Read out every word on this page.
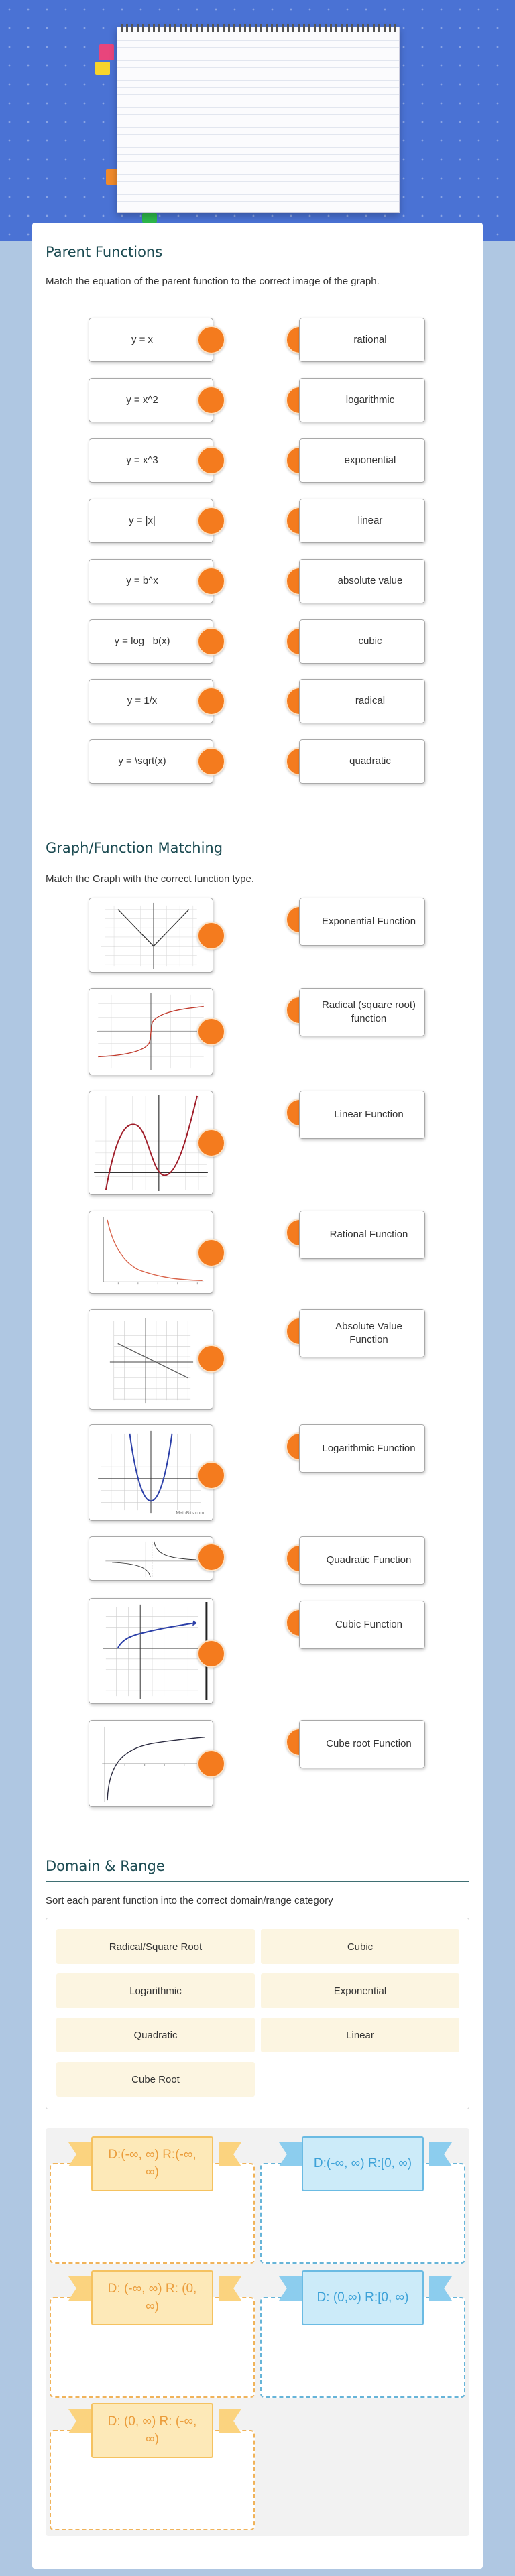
Parent Functions
Match the equation of the parent function to the correct image of the graph.
y = x	rational
y = x^2	logarithmic
y = x^3	exponential
y = |x|	linear
y = b^x	absolute value
y = log _b(x)	cubic
y = 1/x	radical
y = \sqrt(x)	quadratic
Graph/Function Matching
Match the Graph with the correct function type.
MathBits.com
Exponential Function
Radical (square root) function
Linear Function
Rational Function
Absolute Value Function
Logarithmic Function
Quadratic Function
Cubic Function
Cube root Function
Domain & Range
Sort each parent function into the correct domain/range category
Radical/Square Root	Cubic
Logarithmic	Exponential
Quadratic	Linear
Cube Root
D:(-∞, ∞) R:(-∞, ∞)
D:(-∞, ∞) R:[0, ∞)
D: (-∞, ∞) R: (0, ∞)
D: (0,∞) R:[0, ∞)
D: (0, ∞) R: (-∞, ∞)
